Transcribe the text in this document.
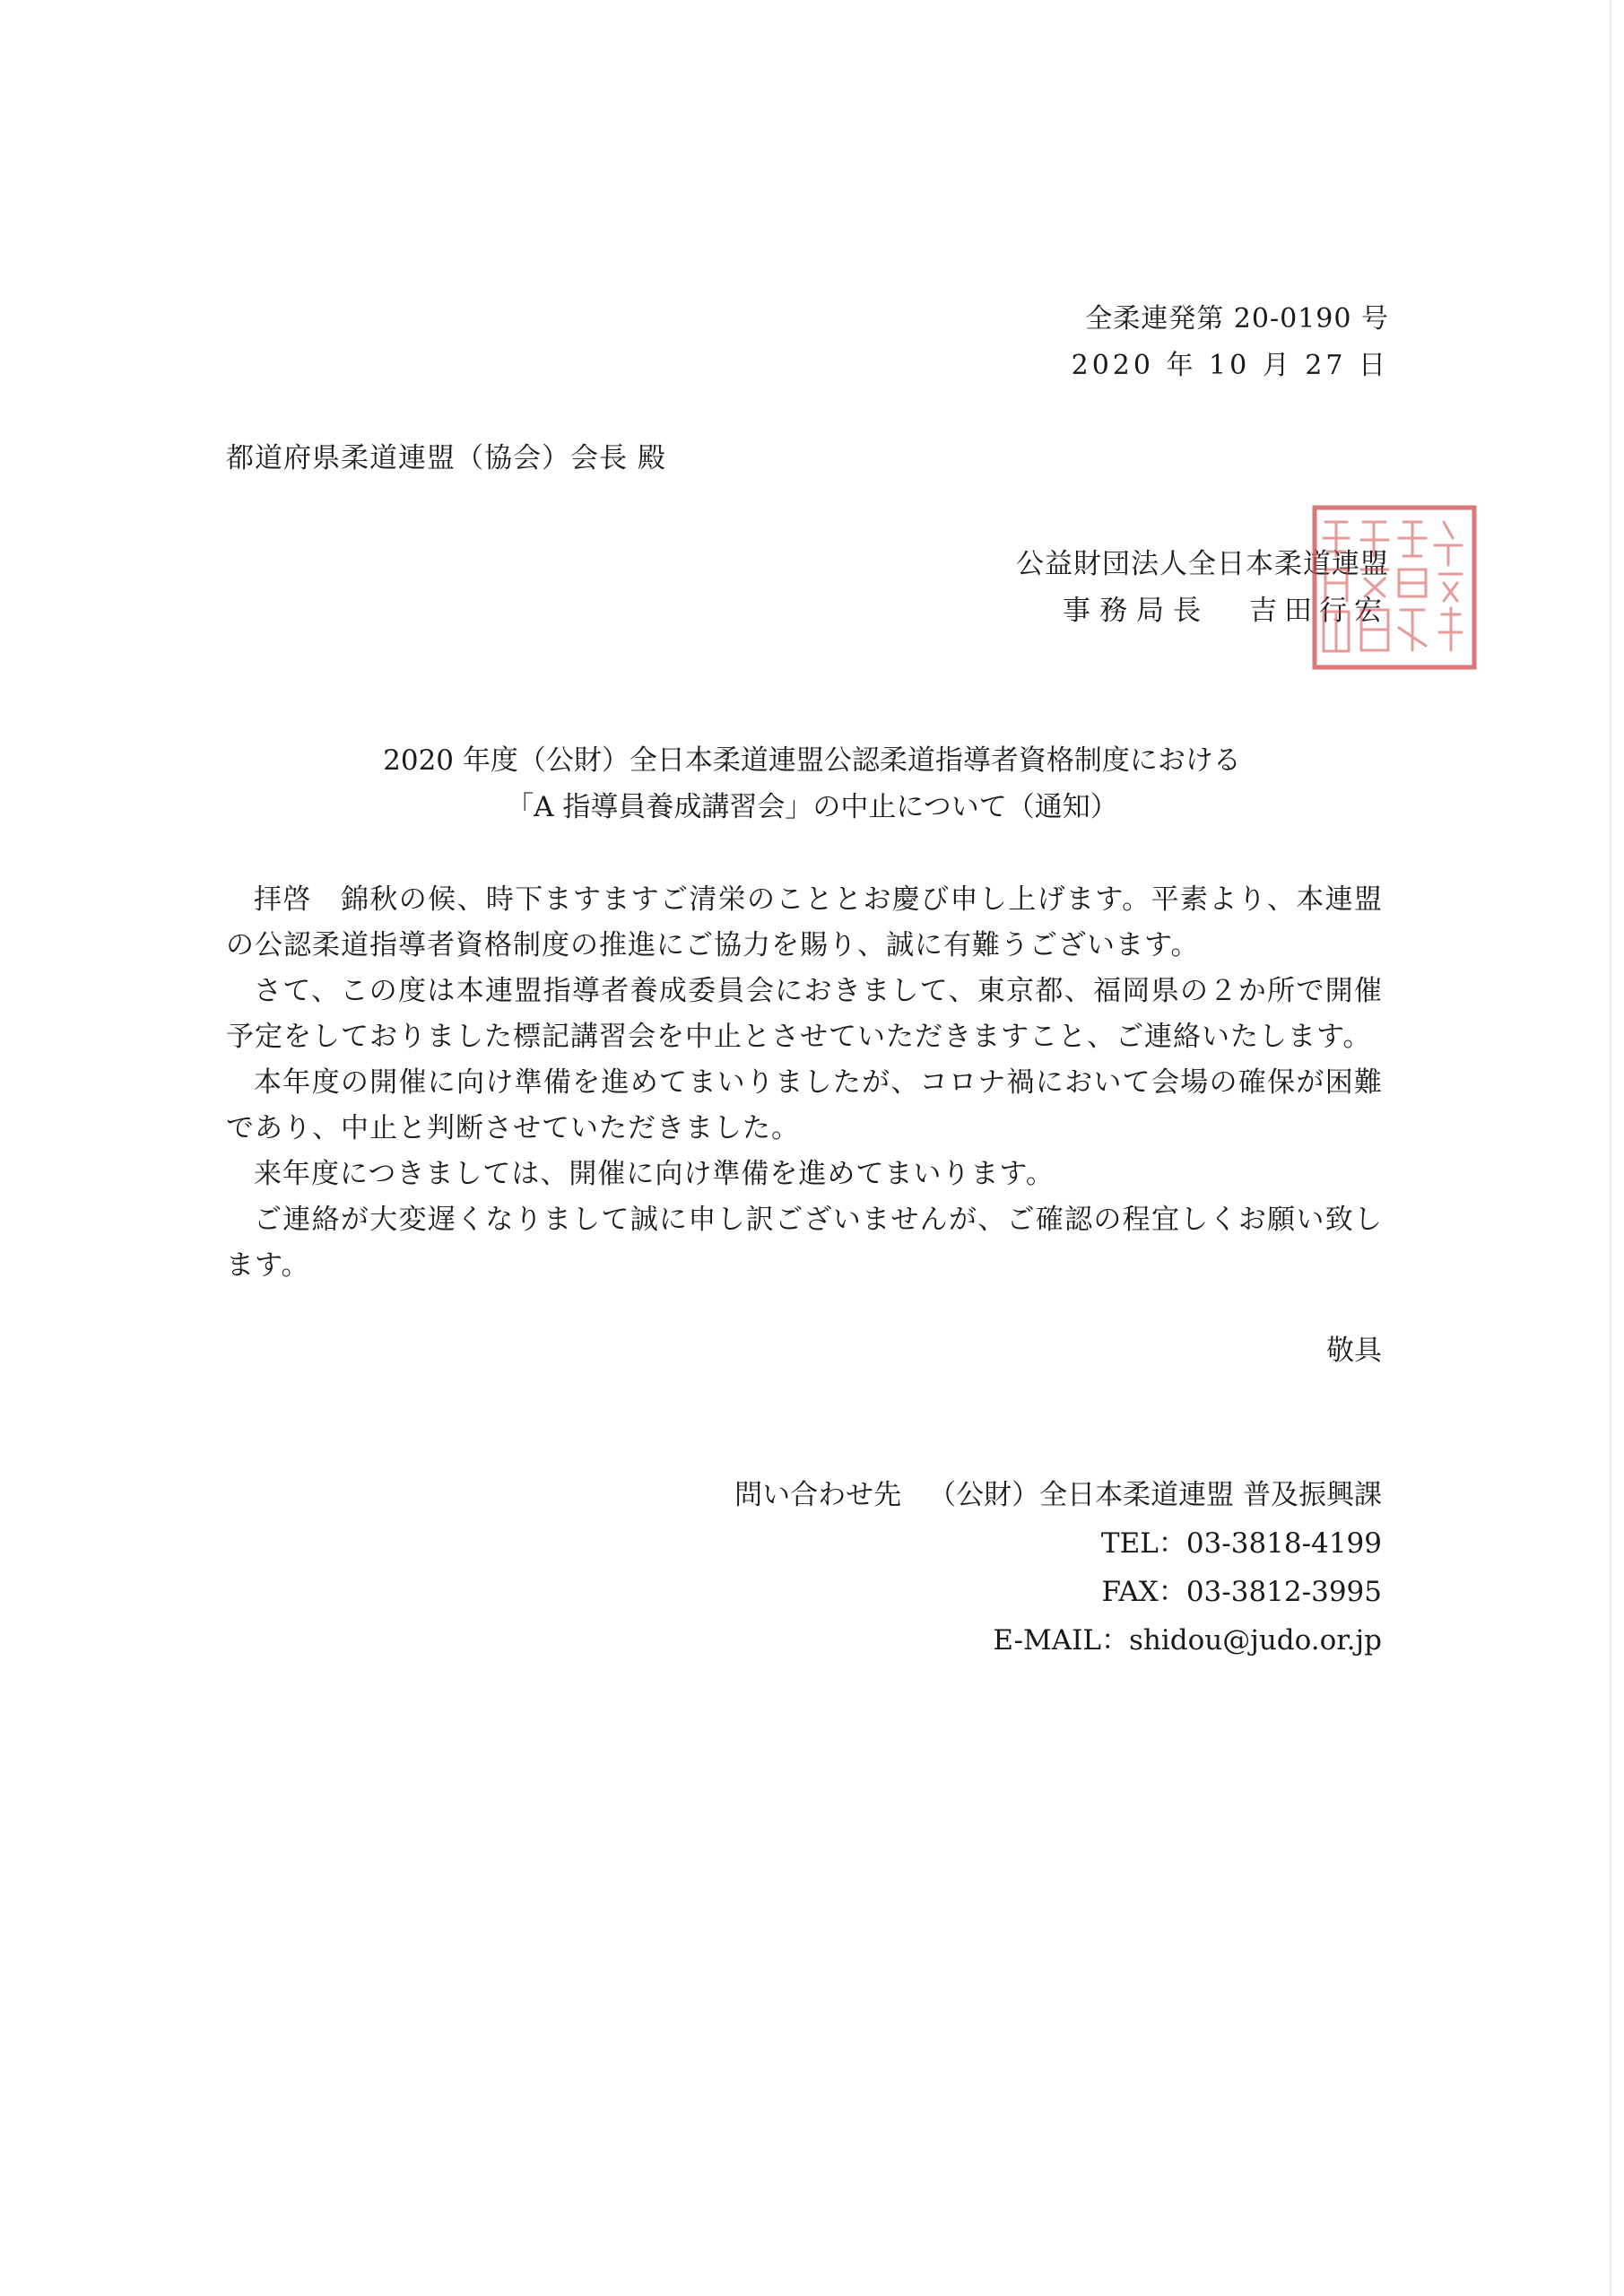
全柔連発第 20-0190 号
2020 年 10 月 27 日
都道府県柔道連盟（協会）会長 殿
公益財団法人全日本柔道連盟
事務局長 吉田行宏
2020 年度（公財）全日本柔道連盟公認柔道指導者資格制度における
「A 指導員養成講習会」の中止について（通知）

拝啓　錦秋の候、時下ますますご清栄のこととお慶び申し上げます。平素より、本連盟の公認柔道指導者資格制度の推進にご協力を賜り、誠に有難うございます。

さて、この度は本連盟指導者養成委員会におきまして、東京都、福岡県の２か所で開催予定をしておりました標記講習会を中止とさせていただきますこと、ご連絡いたします。

本年度の開催に向け準備を進めてまいりましたが、コロナ禍において会場の確保が困難であり、中止と判断させていただきました。

来年度につきましては、開催に向け準備を進めてまいります。

ご連絡が大変遅くなりまして誠に申し訳ございませんが、ご確認の程宜しくお願い致します。

敬具
問い合わせ先 （公財）全日本柔道連盟 普及振興課
TEL：03-3818-4199
FAX：03-3812-3995
E-MAIL：shidou@judo.or.jp
